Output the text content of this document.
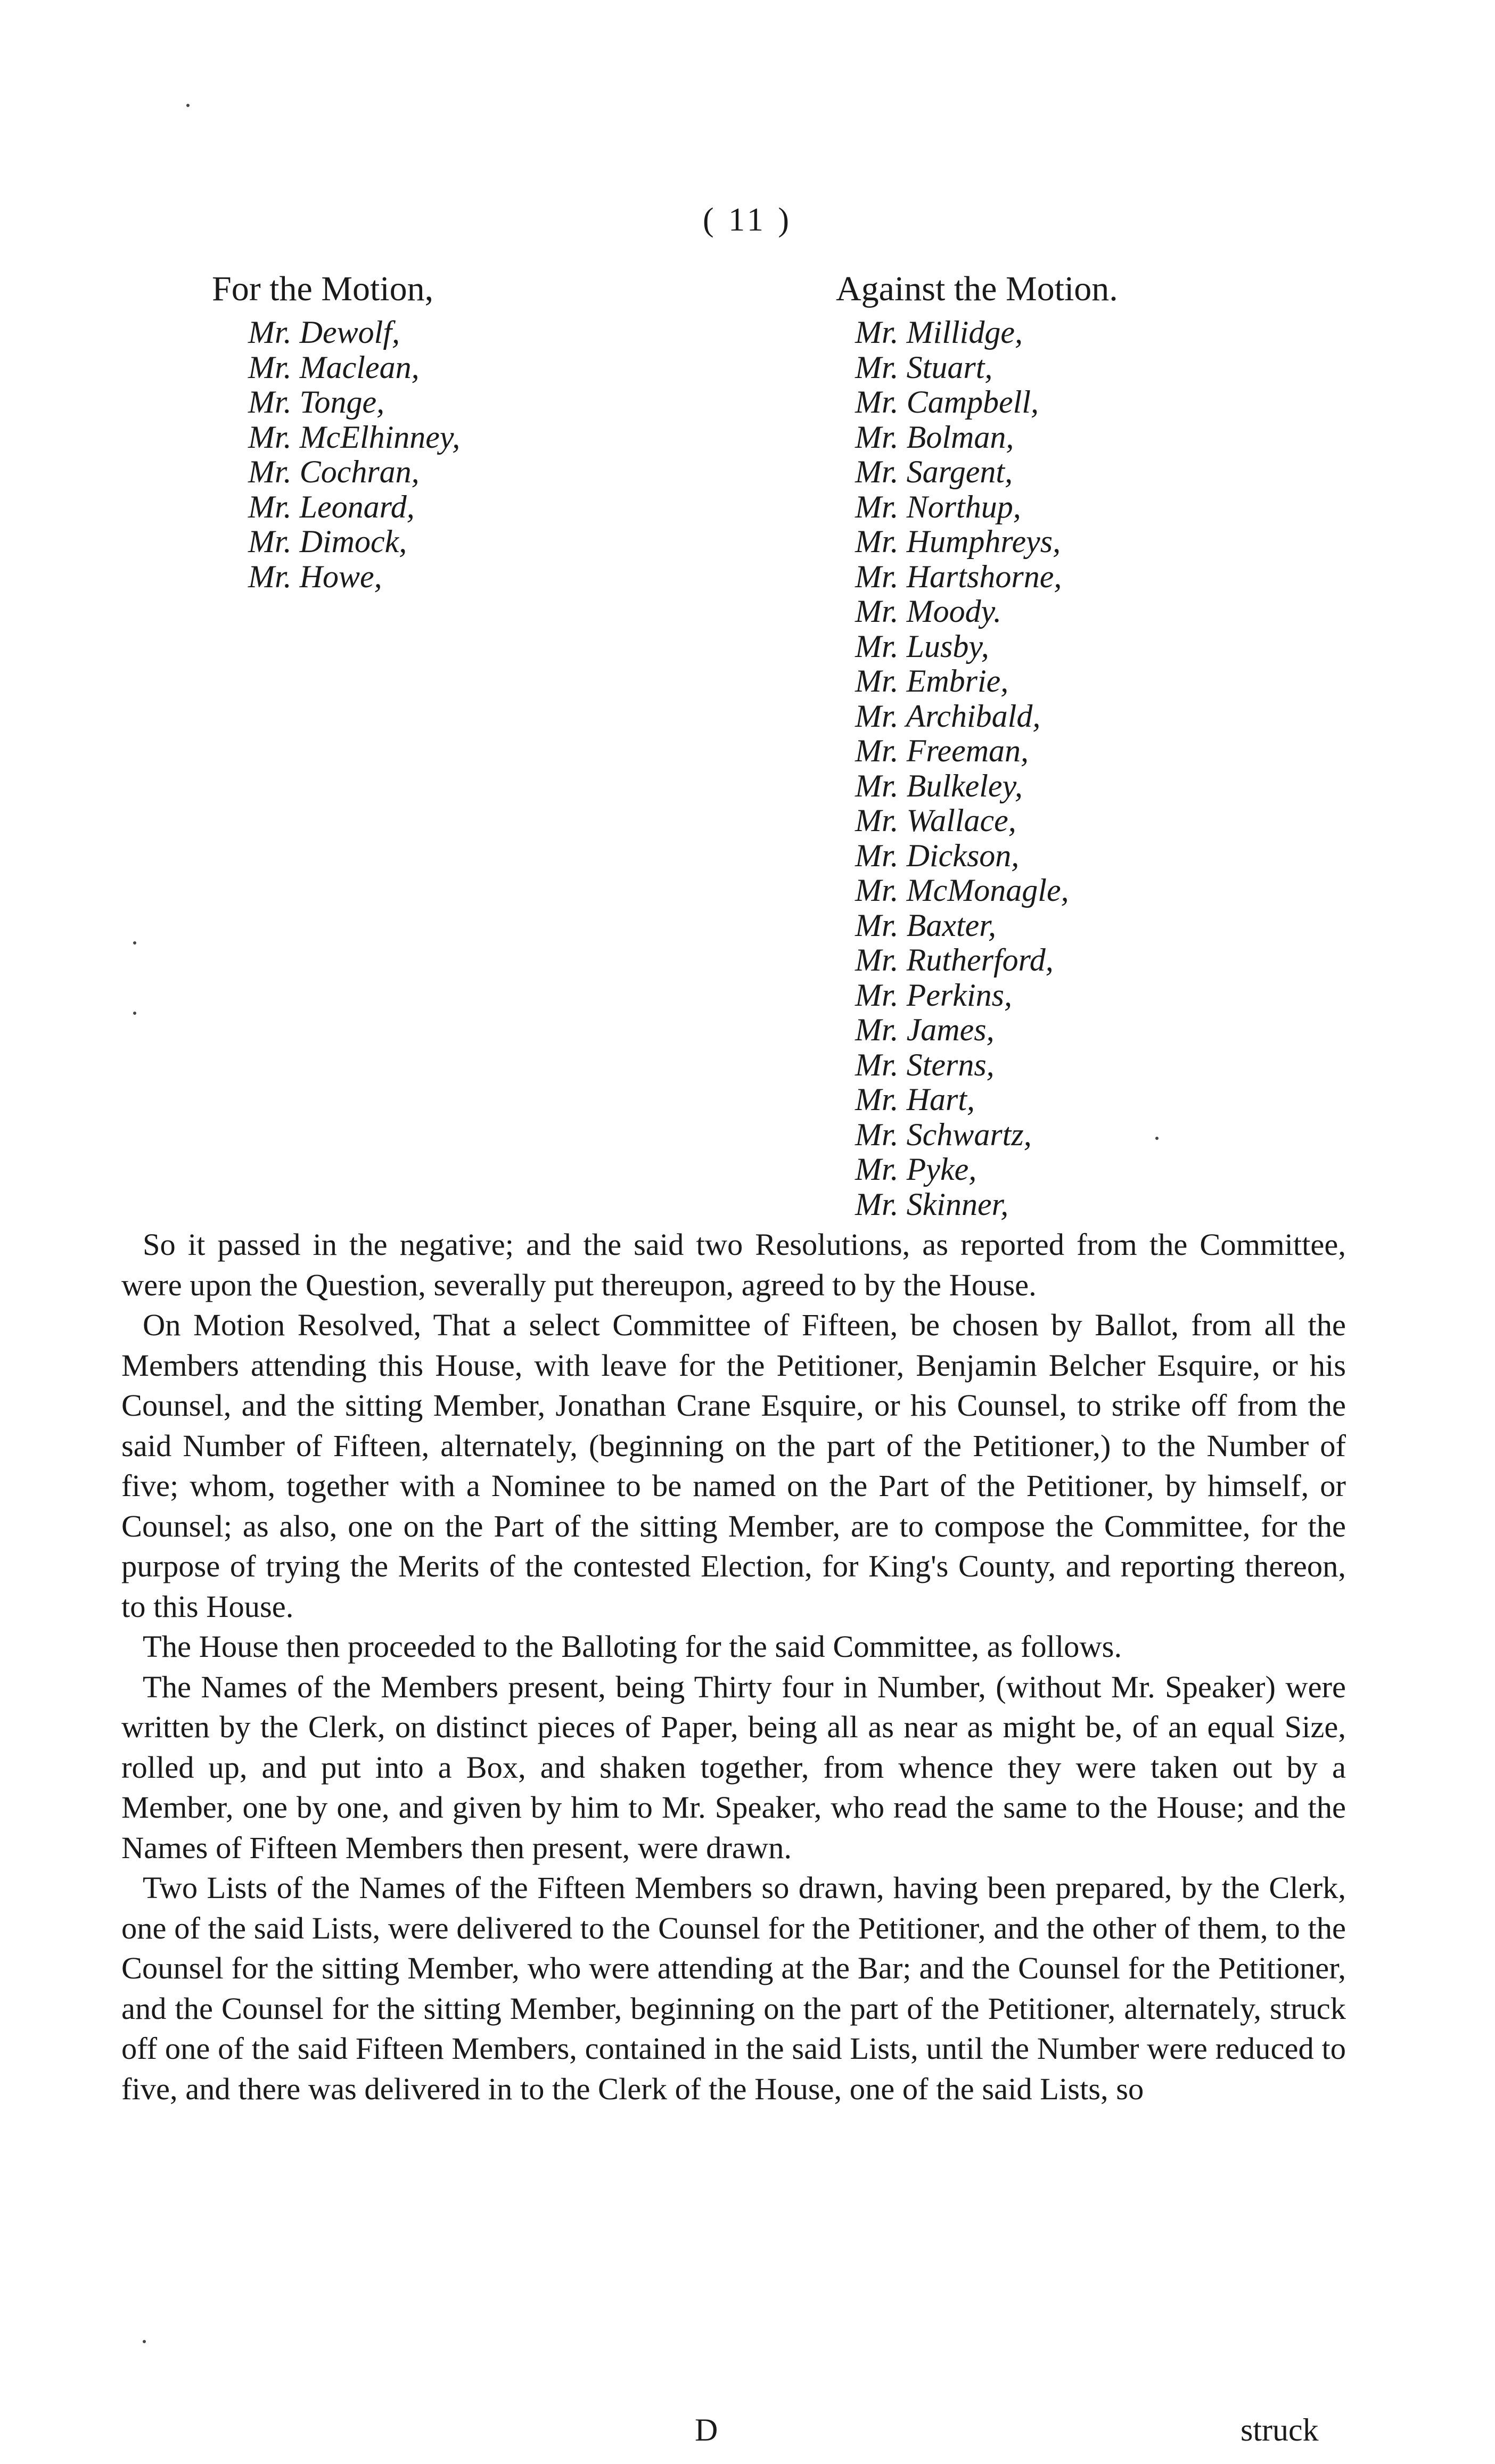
( 11 )
For the Motion,	Against the Motion.
Mr. Dewolf,
Mr. Maclean,
Mr. Tonge,
Mr. McElhinney,
Mr. Cochran,
Mr. Leonard,
Mr. Dimock,
Mr. Howe,
Mr. Millidge,
Mr. Stuart,
Mr. Campbell,
Mr. Bolman,
Mr. Sargent,
Mr. Northup,
Mr. Humphreys,
Mr. Hartshorne,
Mr. Moody.
Mr. Lusby,
Mr. Embrie,
Mr. Archibald,
Mr. Freeman,
Mr. Bulkeley,
Mr. Wallace,
Mr. Dickson,
Mr. McMonagle,
Mr. Baxter,
Mr. Rutherford,
Mr. Perkins,
Mr. James,
Mr. Sterns,
Mr. Hart,
Mr. Schwartz,
Mr. Pyke,
Mr. Skinner,

So it passed in the negative; and the said two Resolutions, as reported from the Committee, were upon the Question, severally put thereupon, agreed to by the House.

On Motion Resolved, That a select Committee of Fifteen, be chosen by Ballot, from all the Members attending this House, with leave for the Petitioner, Benjamin Belcher Esquire, or his Counsel, and the sitting Member, Jonathan Crane Esquire, or his Counsel, to strike off from the said Number of Fifteen, alternately, (beginning on the part of the Petitioner,) to the Number of five; whom, together with a Nominee to be named on the Part of the Petitioner, by himself, or Counsel; as also, one on the Part of the sitting Member, are to compose the Committee, for the purpose of trying the Merits of the contested Election, for King's County, and reporting thereon, to this House.

The House then proceeded to the Balloting for the said Committee, as follows.

The Names of the Members present, being Thirty four in Number, (without Mr. Speaker) were written by the Clerk, on distinct pieces of Paper, being all as near as might be, of an equal Size, rolled up, and put into a Box, and shaken together, from whence they were taken out by a Member, one by one, and given by him to Mr. Speaker, who read the same to the House; and the Names of Fifteen Members then present, were drawn.

Two Lists of the Names of the Fifteen Members so drawn, having been prepared, by the Clerk, one of the said Lists, were delivered to the Counsel for the Petitioner, and the other of them, to the Counsel for the sitting Member, who were attending at the Bar; and the Counsel for the Petitioner, and the Counsel for the sitting Member, beginning on the part of the Petitioner, alternately, struck off one of the said Fifteen Members, contained in the said Lists, until the Number were reduced to five, and there was delivered in to the Clerk of the House, one of the said Lists, so

D	struck
